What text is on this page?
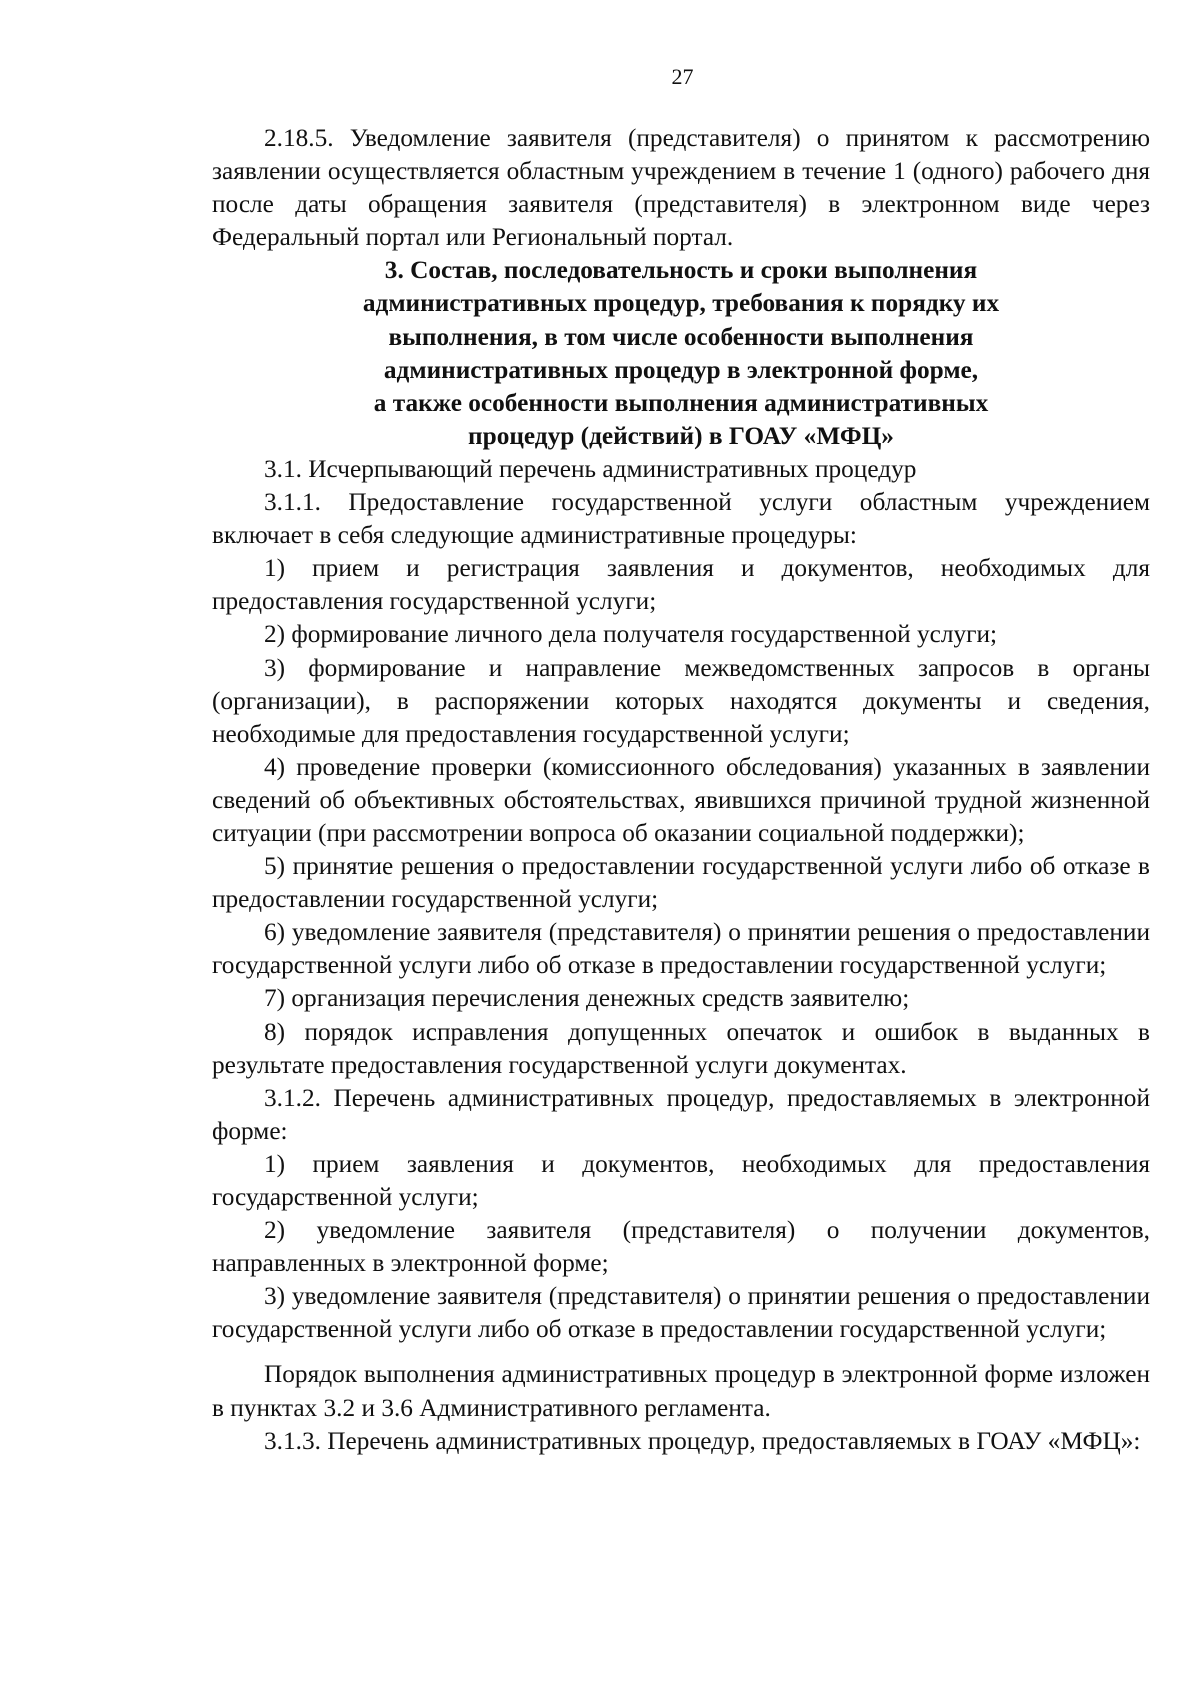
27

2.18.5. Уведомление заявителя (представителя) о принятом к рассмотрению заявлении осуществляется областным учреждением в течение 1 (одного) рабочего дня после даты обращения заявителя (представителя) в электронном виде через Федеральный портал или Региональный портал.

3. Состав, последовательность и сроки выполнения
административных процедур, требования к порядку их
выполнения, в том числе особенности выполнения
административных процедур в электронной форме,
а также особенности выполнения административных
процедур (действий) в ГОАУ «МФЦ»

3.1. Исчерпывающий перечень административных процедур

3.1.1. Предоставление государственной услуги областным учреждением включает в себя следующие административные процедуры:

1) прием и регистрация заявления и документов, необходимых для предоставления государственной услуги;

2) формирование личного дела получателя государственной услуги;

3) формирование и направление межведомственных запросов в органы (организации), в распоряжении которых находятся документы и сведения, необходимые для предоставления государственной услуги;

4) проведение проверки (комиссионного обследования) указанных в заявлении сведений об объективных обстоятельствах, явившихся причиной трудной жизненной ситуации (при рассмотрении вопроса об оказании социальной поддержки);

5) принятие решения о предоставлении государственной услуги либо об отказе в предоставлении государственной услуги;

6) уведомление заявителя (представителя) о принятии решения о предоставлении государственной услуги либо об отказе в предоставлении государственной услуги;

7) организация перечисления денежных средств заявителю;

8) порядок исправления допущенных опечаток и ошибок в выданных в результате предоставления государственной услуги документах.

3.1.2. Перечень административных процедур, предоставляемых в электронной форме:

1) прием заявления и документов, необходимых для предоставления государственной услуги;

2) уведомление заявителя (представителя) о получении документов, направленных в электронной форме;

3) уведомление заявителя (представителя) о принятии решения о предоставлении государственной услуги либо об отказе в предоставлении государственной услуги;

Порядок выполнения административных процедур в электронной форме изложен в пунктах 3.2 и 3.6 Административного регламента.

3.1.3. Перечень административных процедур, предоставляемых в ГОАУ «МФЦ»:
